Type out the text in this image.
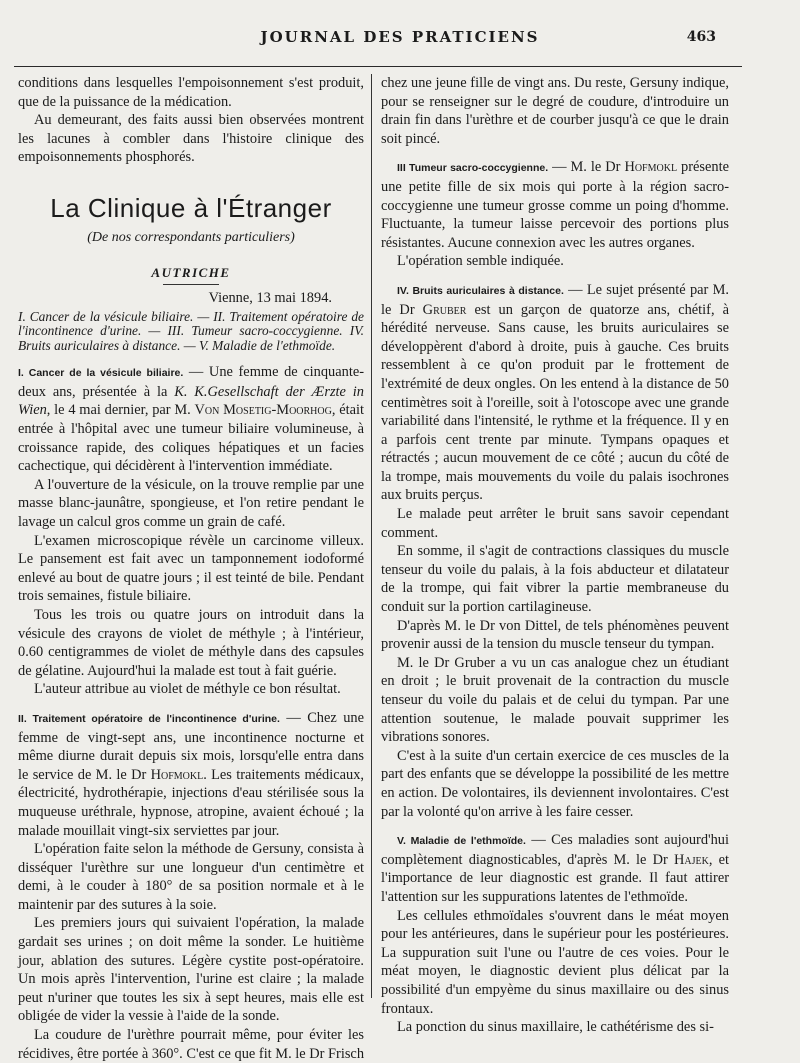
JOURNAL DES PRATICIENS	463

conditions dans lesquelles l'empoisonnement s'est produit, que de la puissance de la médication.

Au demeurant, des faits aussi bien observées montrent les lacunes à combler dans l'histoire clinique des empoisonnements phosphorés.

La Clinique à l'Étranger
(De nos correspondants particuliers)
AUTRICHE
Vienne, 13 mai 1894.

I. Cancer de la vésicule biliaire. — II. Traitement opératoire de l'incontinence d'urine. — III. Tumeur sacro-coccygienne. IV. Bruits auriculaires à distance. — V. Maladie de l'ethmoïde.

I. Cancer de la vésicule biliaire. — Une femme de cinquante-deux ans, présentée à la K. K.Gesellschaft der Ærzte in Wien, le 4 mai dernier, par M. Von Mosetig-Moorhog, était entrée à l'hôpital avec une tumeur biliaire volumineuse, à croissance rapide, des coliques hépatiques et un facies cachectique, qui décidèrent à l'intervention immédiate.

A l'ouverture de la vésicule, on la trouve remplie par une masse blanc-jaunâtre, spongieuse, et l'on retire pendant le lavage un calcul gros comme un grain de café.

L'examen microscopique révèle un carcinome villeux. Le pansement est fait avec un tamponnement iodoformé enlevé au bout de quatre jours ; il est teinté de bile. Pendant trois semaines, fistule biliaire.

Tous les trois ou quatre jours on introduit dans la vésicule des crayons de violet de méthyle ; à l'intérieur, 0.60 centigrammes de violet de méthyle dans des capsules de gélatine. Aujourd'hui la malade est tout à fait guérie.

L'auteur attribue au violet de méthyle ce bon résultat.

II. Traitement opératoire de l'incontinence d'urine. — Chez une femme de vingt-sept ans, une incontinence nocturne et même diurne durait depuis six mois, lorsqu'elle entra dans le service de M. le Dr Hofmokl. Les traitements médicaux, électricité, hydrothérapie, injections d'eau stérilisée sous la muqueuse uréthrale, hypnose, atropine, avaient échoué ; la malade mouillait vingt-six serviettes par jour.

L'opération faite selon la méthode de Gersuny, consista à disséquer l'urèthre sur une longueur d'un centimètre et demi, à le couder à 180° de sa position normale et à le maintenir par des sutures à la soie.

Les premiers jours qui suivaient l'opération, la malade gardait ses urines ; on doit même la sonder. Le huitième jour, ablation des sutures. Légère cystite post-opératoire. Un mois après l'intervention, l'urine est claire ; la malade peut n'uriner que toutes les six à sept heures, mais elle est obligée de vider la vessie à l'aide de la sonde.

La coudure de l'urèthre pourrait même, pour éviter les récidives, être portée à 360°. C'est ce que fit M. le Dr Frisch

chez une jeune fille de vingt ans. Du reste, Gersuny indique, pour se renseigner sur le degré de coudure, d'introduire un drain fin dans l'urèthre et de courber jusqu'à ce que le drain soit pincé.

III Tumeur sacro-coccygienne. — M. le Dr Hofmokl présente une petite fille de six mois qui porte à la région sacro-coccygienne une tumeur grosse comme un poing d'homme. Fluctuante, la tumeur laisse percevoir des portions plus résistantes. Aucune connexion avec les autres organes.

L'opération semble indiquée.

IV. Bruits auriculaires à distance. — Le sujet présenté par M. le Dr Gruber est un garçon de quatorze ans, chétif, à hérédité nerveuse. Sans cause, les bruits auriculaires se développèrent d'abord à droite, puis à gauche. Ces bruits ressemblent à ce qu'on produit par le frottement de l'extrémité de deux ongles. On les entend à la distance de 50 centimètres soit à l'oreille, soit à l'otoscope avec une grande variabilité dans l'intensité, le rythme et la fréquence. Il y en a parfois cent trente par minute. Tympans opaques et rétractés ; aucun mouvement de ce côté ; aucun du côté de la trompe, mais mouvements du voile du palais isochrones aux bruits perçus.

Le malade peut arrêter le bruit sans savoir cependant comment.

En somme, il s'agit de contractions classiques du muscle tenseur du voile du palais, à la fois abducteur et dilatateur de la trompe, qui fait vibrer la partie membraneuse du conduit sur la portion cartilagineuse.

D'après M. le Dr von Dittel, de tels phénomènes peuvent provenir aussi de la tension du muscle tenseur du tympan.

M. le Dr Gruber a vu un cas analogue chez un étudiant en droit ; le bruit provenait de la contraction du muscle tenseur du voile du palais et de celui du tympan. Par une attention soutenue, le malade pouvait supprimer les vibrations sonores.

C'est à la suite d'un certain exercice de ces muscles de la part des enfants que se développe la possibilité de les mettre en action. De volontaires, ils deviennent involontaires. C'est par la volonté qu'on arrive à les faire cesser.

V. Maladie de l'ethmoïde. — Ces maladies sont aujourd'hui complètement diagnosticables, d'après M. le Dr Hajek, et l'importance de leur diagnostic est grande. Il faut attirer l'attention sur les suppurations latentes de l'ethmoïde.

Les cellules ethmoïdales s'ouvrent dans le méat moyen pour les antérieures, dans le supérieur pour les postérieures. La suppuration suit l'une ou l'autre de ces voies. Pour le méat moyen, le diagnostic devient plus délicat par la possibilité d'un empyème du sinus maxillaire ou des sinus frontaux.

La ponction du sinus maxillaire, le cathétérisme des si-
